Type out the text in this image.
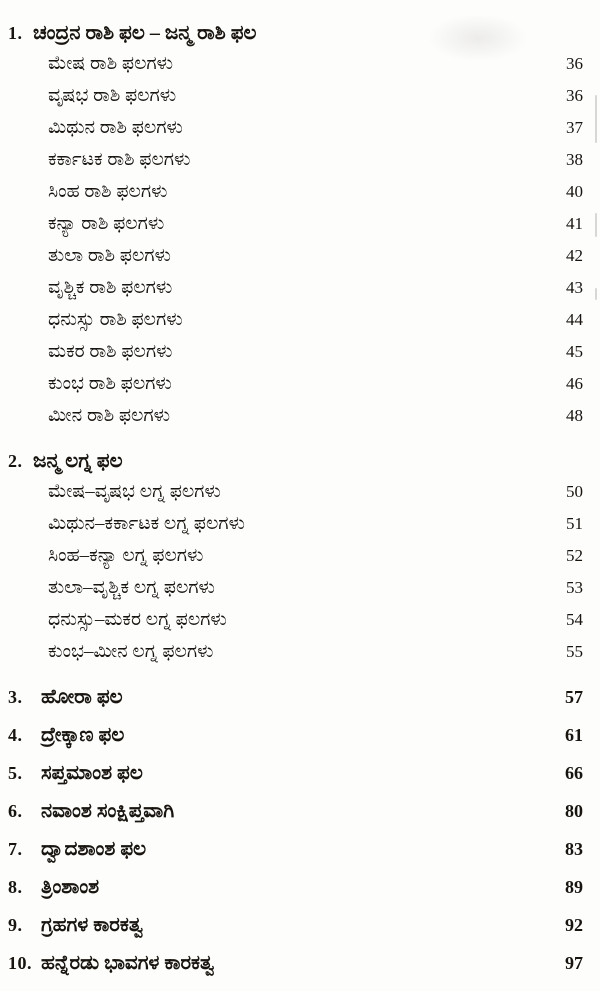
1. ಚಂದ್ರನ ರಾಶಿ ಫಲ – ಜನ್ಮ ರಾಶಿ ಫಲ
ಮೇಷ ರಾಶಿ ಫಲಗಳು	36
ವೃಷಭ ರಾಶಿ ಫಲಗಳು	36
ಮಿಥುನ ರಾಶಿ ಫಲಗಳು	37
ಕರ್ಕಾಟಕ ರಾಶಿ ಫಲಗಳು	38
ಸಿಂಹ ರಾಶಿ ಫಲಗಳು	40
ಕನ್ಯಾ ರಾಶಿ ಫಲಗಳು	41
ತುಲಾ ರಾಶಿ ಫಲಗಳು	42
ವೃಶ್ಚಿಕ ರಾಶಿ ಫಲಗಳು	43
ಧನುಸ್ಸು ರಾಶಿ ಫಲಗಳು	44
ಮಕರ ರಾಶಿ ಫಲಗಳು	45
ಕುಂಭ ರಾಶಿ ಫಲಗಳು	46
ಮೀನ ರಾಶಿ ಫಲಗಳು	48
2. ಜನ್ಮ ಲಗ್ನ ಫಲ
ಮೇಷ–ವೃಷಭ ಲಗ್ನ ಫಲಗಳು	50
ಮಿಥುನ–ಕರ್ಕಾಟಕ ಲಗ್ನ ಫಲಗಳು	51
ಸಿಂಹ–ಕನ್ಯಾ ಲಗ್ನ ಫಲಗಳು	52
ತುಲಾ–ವೃಶ್ಚಿಕ ಲಗ್ನ ಫಲಗಳು	53
ಧನುಸ್ಸು–ಮಕರ ಲಗ್ನ ಫಲಗಳು	54
ಕುಂಭ–ಮೀನ ಲಗ್ನ ಫಲಗಳು	55
3. ಹೋರಾ ಫಲ	57
4. ದ್ರೇಕ್ಕಾಣ ಫಲ	61
5. ಸಪ್ತಮಾಂಶ ಫಲ	66
6. ನವಾಂಶ ಸಂಕ್ಷಿಪ್ತವಾಗಿ	80
7. ದ್ವಾದಶಾಂಶ ಫಲ	83
8. ತ್ರಿಂಶಾಂಶ	89
9. ಗ್ರಹಗಳ ಕಾರಕತ್ವ	92
10. ಹನ್ನೆರಡು ಭಾವಗಳ ಕಾರಕತ್ವ	97
